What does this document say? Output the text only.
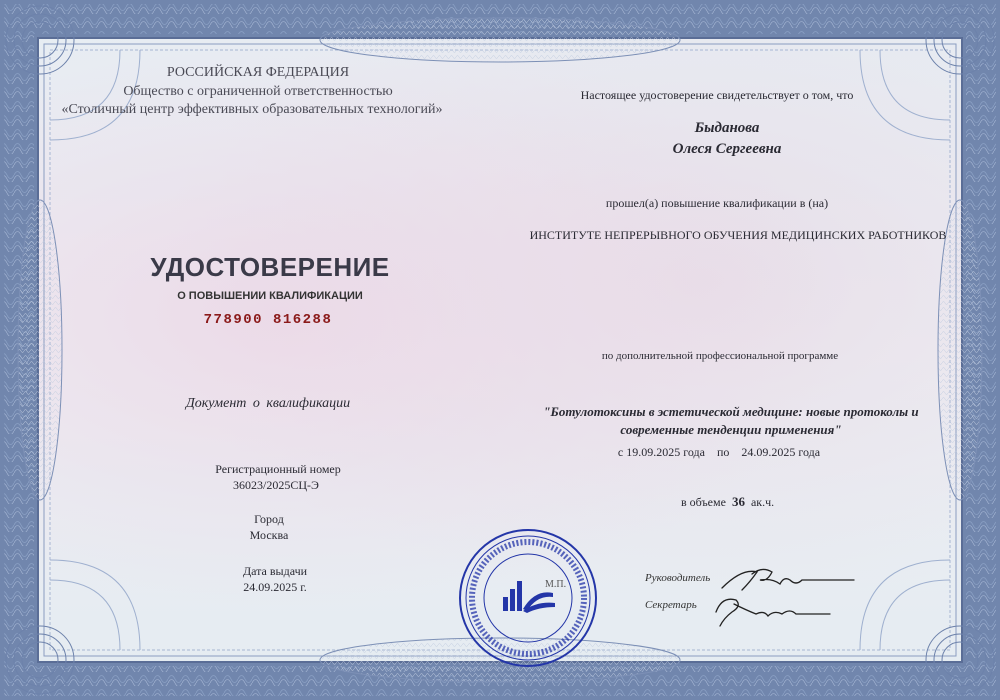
РОССИЙСКАЯ ФЕДЕРАЦИЯ
Общество с ограниченной ответственностью
«Столичный центр эффективных образовательных технологий»
УДОСТОВЕРЕНИЕ
О ПОВЫШЕНИИ КВАЛИФИКАЦИИ
778900 816288
Документ о квалификации
Регистрационный номер
36023/2025СЦ-Э
Город
Москва
Дата выдачи
24.09.2025 г.
Настоящее удостоверение свидетельствует о том, что
Быданова
Олеся Сергеевна
прошел(а) повышение квалификации в (на)
ИНСТИТУТЕ НЕПРЕРЫВНОГО ОБУЧЕНИЯ МЕДИЦИНСКИХ РАБОТНИКОВ
по дополнительной профессиональной программе
"Ботулотоксины в эстетической медицине: новые протоколы и
современные тенденции применения"
с 19.09.2025 года    по    24.09.2025 года
в объеме 36 ак.ч.
М.П.
Руководитель
Секретарь
